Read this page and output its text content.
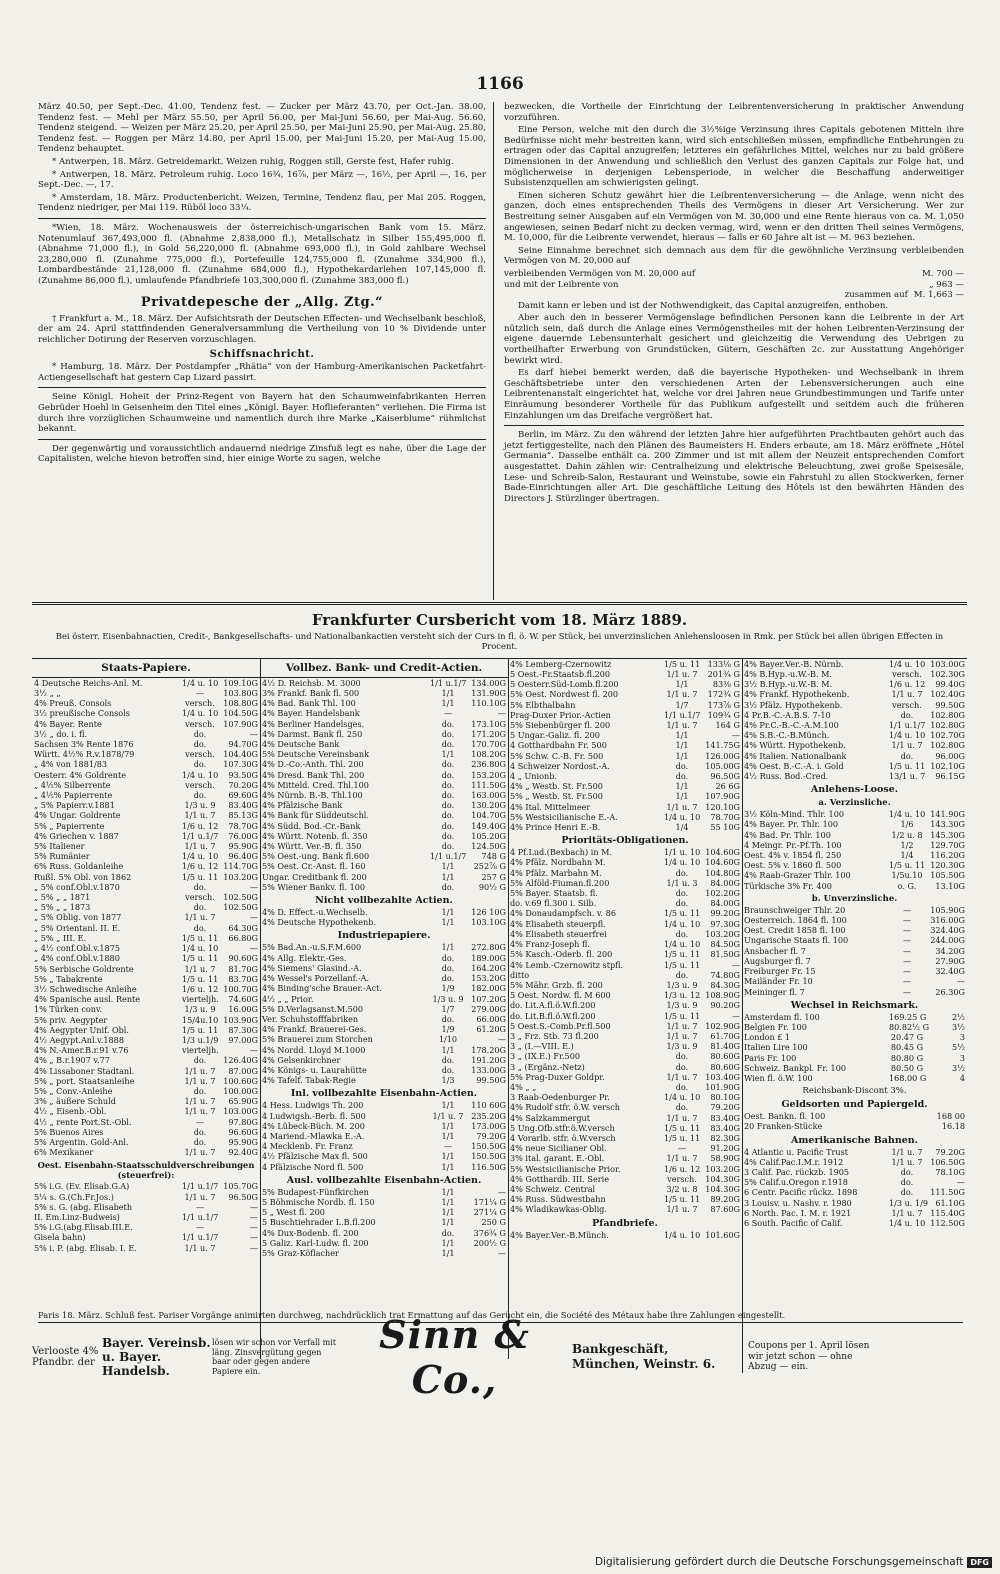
1166

März 40.50, per Sept.-Dec. 41.00, Tendenz fest. — Zucker per März 43.70, per Oct.-Jan. 38.00, Tendenz fest. — Mehl per März 55.50, per April 56.00, per Mai-Juni 56.60, per Mai-Aug. 56.60, Tendenz steigend. — Weizen per März 25.20, per April 25.50, per Mai-Juni 25.90, per Mai-Aug. 25.80, Tendenz fest. — Roggen per März 14.80, per April 15.00, per Mai-Juni 15.20, per Mai-Aug 15.00, Tendenz behauptet.

* Antwerpen, 18. März. Getreidemarkt. Weizen ruhig, Roggen still, Gerste fest, Hafer ruhig.

* Antwerpen, 18. März. Petroleum ruhig. Loco 16¾, 16⅞, per März —, 16½, per April —, 16, per Sept.-Dec. —, 17.

* Amsterdam, 18. März. Productenbericht. Weizen, Termine, Tendenz flau, per Mai 205. Roggen, Tendenz niedriger, per Mai 119. Rüböl loco 33¼.

*Wien, 18. März. Wochenausweis der österreichisch-ungarischen Bank vom 15. März. Notenumlauf 367,493,000 fl. (Abnahme 2,838,000 fl.), Metallschatz in Silber 155,495,000 fl. (Abnahme 71,000 fl.), in Gold 56,220,000 fl. (Abnahme 693,000 fl.), in Gold zahlbare Wechsel 23,280,000 fl. (Zunahme 775,000 fl.), Portefeuille 124,755,000 fl. (Zunahme 334,900 fl.), Lombardbestände 21,128,000 fl. (Zunahme 684,000 fl.), Hypothekardarlehen 107,145,000 fl. (Zunahme 86,000 fl.), umlaufende Pfandbriefe 103,300,000 fl. (Zunahme 383,000 fl.)

Privatdepesche der „Allg. Ztg.“

† Frankfurt a. M., 18. März. Der Aufsichtsrath der Deutschen Effecten- und Wechselbank beschloß, der am 24. April stattfindenden Generalversammlung die Vertheilung von 10 % Dividende unter reichlicher Dotirung der Reserven vorzuschlagen.

Schiffsnachricht.

* Hamburg, 18. März. Der Postdampfer „Rhätia“ von der Hamburg-Amerikanischen Packetfahrt-Actiengesellschaft hat gestern Cap Lizard passirt.

Seine Königl. Hoheit der Prinz-Regent von Bayern hat den Schaumweinfabrikanten Herren Gebrüder Hoehl in Geisenheim den Titel eines „Königl. Bayer. Hoflieferanten“ verliehen. Die Firma ist durch ihre vorzüglichen Schaumweine und namentlich durch ihre Marke „Kaiserblume“ rühmlichst bekannt.

Der gegenwärtig und voraussichtlich andauernd niedrige Zinsfuß legt es nahe, über die Lage der Capitalisten, welche hievon betroffen sind, hier einige Worte zu sagen, welche

bezwecken, die Vortheile der Einrichtung der Leibrentenversicherung in praktischer Anwendung vorzuführen.

Eine Person, welche mit den durch die 3½%ige Verzinsung ihres Capitals gebotenen Mitteln ihre Bedürfnisse nicht mehr bestreiten kann, wird sich entschließen müssen, empfindliche Entbehrungen zu ertragen oder das Capital anzugreifen; letzteres ein gefährliches Mittel, welches nur zu bald größere Dimensionen in der Anwendung und schließlich den Verlust des ganzen Capitals zur Folge hat, und möglicherweise in derjenigen Lebensperiode, in welcher die Beschaffung anderweitiger Subsistenzquellen am schwierigsten gelingt.

Einen sicheren Schutz gewährt hier die Leibrentenversicherung — die Anlage, wenn nicht des ganzen, doch eines entsprechenden Theils des Vermögens in dieser Art Versicherung. Wer zur Bestreitung seiner Ausgaben auf ein Vermögen von M. 30,000 und eine Rente hieraus von ca. M. 1,050 angewiesen, seinen Bedarf nicht zu decken vermag, wird, wenn er den dritten Theil seines Vermögens, M. 10,000, für die Leibrente verwendet, hieraus — falls er 60 Jahre alt ist — M. 963 beziehen.

Seine Einnahme berechnet sich demnach aus dem für die gewöhnliche Verzinsung verbleibenden Vermögen von M. 20,000 auf

verbleibenden Vermögen von M. 20,000 auf	M. 700 —
und mit der Leibrente von	„ 963 —
zusammen auf M. 1,663 —

Damit kann er leben und ist der Nothwendigkeit, das Capital anzugreifen, enthoben.

Aber auch den in besserer Vermögenslage befindlichen Personen kann die Leibrente in der Art nützlich sein, daß durch die Anlage eines Vermögenstheiles mit der hohen Leibrenten-Verzinsung der eigene dauernde Lebensunterhalt gesichert und gleichzeitig die Verwendung des Uebrigen zu vortheilhafter Erwerbung von Grundstücken, Gütern, Geschäften 2c. zur Ausstattung Angehöriger bewirkt wird.

Es darf hiebei bemerkt werden, daß die bayerische Hypotheken- und Wechselbank in ihrem Geschäftsbetriebe unter den verschiedenen Arten der Lebensversicherungen auch eine Leibrentenanstalt eingerichtet hat, welche vor drei Jahren neue Grundbestimmungen und Tarife unter Einräumung besonderer Vortheile für das Publikum aufgestellt und seitdem auch die früheren Einzahlungen um das Dreifache vergrößert hat.

Berlin, im März. Zu den während der letzten Jahre hier aufgeführten Prachtbauten gehört auch das jetzt fertiggestellte, nach den Plänen des Baumeisters H. Enders erbaute, am 18. März eröffnete „Hôtel Germania“. Dasselbe enthält ca. 200 Zimmer und ist mit allem der Neuzeit entsprechenden Comfort ausgestattet. Dahin zählen wir: Centralheizung und elektrische Beleuchtung, zwei große Speisesäle, Lese- und Schreib-Salon, Restaurant und Weinstube, sowie ein Fahrstuhl zu allen Stockwerken, ferner Bade-Einrichtungen aller Art. Die geschäftliche Leitung des Hôtels ist den bewährten Händen des Directors J. Stürzlinger übertragen.

Frankfurter Cursbericht vom 18. März 1889.
Bei österr. Eisenbahnactien, Credit-, Bankgesellschafts- und Nationalbankactien versteht sich der Curs in fl. ö. W. per Stück, bei unverzinslichen Anlehensloosen in Rmk. per Stück bei allen übrigen Effecten in Procent.
Staats-Papiere.
4 Deutsche Reichs-Anl. M.	1/4 u. 10 109.10G
3½ „ „	—	103.80G
4% Preuß. Consols	versch.	108.80G
3½ preußische Consols	1/4 u. 10 104.50G
4% Bayer. Rente	versch.	107.90G
3½ „ do. i. fl.	do.	—
Sachsen 3% Rente 1876	do.	94.70G
Württ. 4½% R.v.1878/79	versch.	104.40G
„ 4% von 1881/83	do.	107.30G
Oesterr. 4% Goldrente	1/4 u. 10	93.50G
„ 4⅕% Silberrente	versch.	70.20G
„ 4⅕% Papierrente	do.	69.60G
„ 5% Papierr.v.1881	1/3 u. 9	83.40G
4% Ungar. Goldrente	1/1 u. 7	85.13G
5% „ Papierrente	1/6 u. 12	78.70G
4% Griechen v. 1887	1/1 u.1/7	76.00G
5% Italiener	1/1 u. 7	95.90G
5% Rumänier	1/4 u. 10	96.40G
6% Russ. Goldanleihe	1/6 u. 12 114.70G
Rußl. 5% Obl. von 1862	1/5 u. 11 103.20G
„ 5% conf.Obl.v.1870	do.	—
„ 5% „ „ 1871	versch.	102.50G
„ 5% „ „ 1873	do.	102.50G
„ 5% Oblig. von 1877	1/1 u. 7	—
„ 5% Orientanl. II. E.	do.	64.30G
„ 5% „ III. E.	1/5 u. 11	66.80G
„ 4½ conf.Obl.v.1875	1/4 u. 10	—
„ 4% conf.Obl.v.1880	1/5 u. 11	90.60G
5% Serbische Goldrente	1/1 u. 7	81.70G
5% „ Tabakrente	1/5 u. 11	83.70G
3½ Schwedische Anleihe	1/6 u. 12 100.70G
4% Spanische ausl. Rente	vierteljh.	74.60G
1% Türken conv.	1/3 u. 9	16.00G
5% priv. Aegypter	15/4u.10 103.90G
4% Aegypter Unif. Obl.	1/5 u. 11	87.30G
4½ Aegypt.Anl.v.1888	1/3 u.1/9	97.00G
4% N.-Amer.B.r.91 v.76	vierteljh.	—
4% „ B.r.1907 v.77	do.	126.40G
4% Lissaboner Stadtanl.	1/1 u. 7	87.00G
5% „ port. Staatsanleihe	1/1 u. 7 100.60G
5% „ Conv.-Anleihe	do.	100.00G
3% „ äußere Schuld	1/1 u. 7	65.90G
4½ „ Eisenb.-Obl.	1/1 u. 7 103.00G
4½ „ rente Port.St.-Obl.	—	97.80G
5% Buenos Aires	do.	96.60G
5% Argentin. Gold-Anl.	do.	95.90G
6% Mexikaner	1/1 u. 7	92.40G
Oest. Eisenbahn-Staatsschuldverschreibungen (steuerfrei):
5% i.G. (Ev. Elisab.G.A)	1/1 u.1/7 105.70G
5¼ s. G.(Ch.Fr.Jos.)	1/1 u. 7	96.50G
5% s. G. (abg. Elisabeth	—	—
II. Em.Linz-Budweis)	1/1 u.1/7	—
5% i.G.(abg.Elisab.III.E.	—	—
Gisela bahn)	1/1 u.1/7	—
5% i. P. (abg. Elisab. I. E.	1/1 u. 7	—
Vollbez. Bank- und Credit-Actien.
4½ D. Reichsb. M. 3000	1/1 u.1/7 134.00G
3% Frankf. Bank fl. 500	1/1	131.90G
4% Bad. Bank Thl. 100	1/1	110.10G
4% Bayer. Handelsbank	—	—
4% Berliner Handelsges.	do.	173.10G
4% Darmst. Bank fl. 250	do.	171.20G
4% Deutsche Bank	do.	170.70G
5% Deutsche Vereinsbank	1/1	108.20G
4% D.-Co.-Anth. Thl. 200	do.	236.80G
4% Dresd. Bank Thl. 200	do.	153.20G
4% Mitteld. Cred. Thl.100	do.	111.50G
4% Nürnb. B.-B. Thl.100	do.	163.00G
4% Pfälzische Bank	do.	130.20G
4% Bank für Süddeutschl.	do.	104.70G
4% Südd. Bod.-Cr.-Bank	do.	149.40G
4% Württ. Notenb. fl. 350	do.	105.20G
4% Württ. Ver.-B. fl. 350	do.	124.50G
5% Oest.-ung. Bank fl.600	1/1 u.1/7	748 G
5% Oest. Cr.-Anst. fl. 160	1/1	252⅞ G
Ungar. Creditbank fl. 200	1/1	257 G
5% Wiener Bankv. fl. 100	do.	90½ G
Nicht vollbezahlte Actien.
4% D. Effect.-u.Wechselb.	1/1	126 10G
4% Deutsche Hypothekenb.	1/1	103.10G
Industriepapiere.
5% Bad.An.-u.S.F.M.600	1/1	272.80G
4% Allg. Elektr.-Ges.	do.	189.00G
4% Siemens' Glasind.-A.	do.	164.20G
4% Wessel's Porzellanf.-A.	do.	153.20G
4% Binding'sche Brauer.-Act.	1/9	182.00G
4½ „ „ Prior.	1/3 u. 9 107.20G
5% D.Verlagsanst.M.500	1/7	279.00G
Ver. Schuhstofffabriken	do.	66.00G
4% Frankf. Brauerei-Ges.	1/9	61.20G
5% Brauerei zum Storchen	1/10	—
4% Nordd. Lloyd M.1000	1/1	178.20G
4% Gelsenkirchner	do.	191.20G
4% Königs- u. Laurahütte	do.	133.00G
4% Tafelf. Tabak-Regie	1/3	99.50G
Inl. vollbezahlte Eisenbahn-Actien.
4 Hess. Ludwigs Th. 200	1/1	110 60G
4 Ludwigsh.-Berb. fl. 500	1/1 u. 7 235.20G
4% Lübeck-Büch. M. 200	1/1	173.00G
4 Mariend.-Mlawka E.-A.	1/1	79.20G
4 Mecklenb. Fr. Franz	—	150.50G
4½ Pfälzische Max fl. 500	1/1	150.50G
4 Pfälzische Nord fl. 500	1/1	116.50G
Ausl. vollbezahlte Eisenbahn-Actien.
5% Budapest-Fünfkirchen	1/1	—
5 Böhmische Nordb. fl. 150	1/1	171¼ G
5 „ West fl. 200	1/1	271¼ G
5 Buschtiehrader L.B.fl.200	1/1	250 G
4% Dux-Bodenb. fl. 200	do.	376¾ G
5 Galiz. Karl-Ludw. fl. 200	1/1	200½ G
5% Graz-Köflacher	1/1	—
4% Lemberg-Czernowitz	1/5 u. 11 133⅛ G
5 Oest.-Fr.Staatsb.fl.200	1/1 u. 7	201¾ G
5 Oesterr.Süd-Lomb.fl.200	1/1	83⅜ G
5% Oest. Nordwest fl. 200	1/1 u. 7	172¾ G
5% Elbthalbahn	1/7	173⅞ G
Prag-Duxer Prior.-Actien	1/1 u.1/7 109¾ G
5% Siebenbürger fl. 200	1/1 u. 7	164 G
5 Ungar.-Galiz. fl. 200	1/1	—
4 Gotthardbahn Fr. 500	1/1	141.75G
5% Schw. C.-B. Fr. 500	1/1	126.00G
4 Schweizer Nordost.-A.	do.	105.00G
4 „ Unionb.	do.	96.50G
4% „ Westb. St. Fr.500	1/1	26 6G
5% „ Westb. St. Fr.500	1/1	107.90G
4% Ital. Mittelmeer	1/1 u. 7 120.10G
5% Westsicilianische E.-A.	1/4 u. 10	78.70G
4% Prince Henri E.-B.	1/4	55 10G
Prioritäts-Obligationen.
4 Pf.Lud.(Bexbach) in M.	1/1 u. 10 104.60G
4% Pfälz. Nordbahn M.	1/4 u. 10 104.60G
4% Pfälz. Marbahn M.	do.	104.80G
5% Alföld-Fiuman.fl.200	1/1 u. 3	84.00G
5% Bayer. Staatsb. fl.	do.	102.20G
do. v.69 fl.300 i. Silb.	do.	84.00G
4% Donaudampfsch. v. 86	1/5 u. 11	99.20G
4% Elisabeth steuerpfl.	1/4 u. 10	97.30G
4% Elisabeth steuerfrei	do.	103.20G
4% Franz-Joseph fl.	1/4 u. 10	84.50G
5% Kasch.-Oderb. fl. 200	1/5 u. 11	81.50G
4% Lemb.-Czernowitz stpfl.	1/5 u. 11	—
ditto	do.	74.80G
5% Mähr. Grzb. fl. 200	1/3 u. 9	84.30G
5 Oest. Nordw. fl. M 600	1/3 u. 12 108.90G
do. Lit.A.fl.ö.W.fl.200	1/3 u. 9	90.20G
do. Lit.B.fl.ö.W.fl.200	1/5 u. 11	—
5 Oest.S.-Comb.Pr.fl.500	1/1 u. 7 102.90G
3 „ Frz. Stb. 73 fl.200	1/1 u. 7	61.70G
3 „ (I.—VIII. E.)	1/3 u. 9	81.40G
3 „ (IX.E.) Fr.500	do.	80.60G
3 „ (Ergänz.-Netz)	do.	80.60G
5% Prag-Duxer Goldpr.	1/1 u. 7 103.40G
4% „ „	do.	101.90G
3 Raab-Oedenburger Pr.	1/4 u. 10	80.10G
4% Rudolf stfr. ö.W. versch	do.	79.20G
4% Salzkammergut	1/1 u. 7	83.40G
5 Ung.Ofb.stfr.ö.W.versch	1/5 u. 11	83.40G
4 Vorarlb. stfr. ö.W.versch	1/5 u. 11	82.30G
4% neue Sicilianer Obl.	—	91.20G
3% ital. garant. E.-Obl.	1/1 u. 7	58.90G
5% Westsicilianische Prior.	1/6 u. 12 103.20G
4% Gotthardb. III. Serie	versch.	104.30G
4% Schweiz. Central	3/2 u. 8 104.30G
4% Russ. Südwestbahn	1/5 u. 11	89.20G
4% Wladikawkas-Oblig.	1/1 u. 7	87.60G
Pfandbriefe.
4% Bayer.Ver.-B.Münch.	1/4 u. 10 101.60G
4% Bayer.Ver.-B. Nürnb.	1/4 u. 10 103.00G
4% B.Hyp.-u.W.-B. M.	versch.	102.30G
3½ B.Hyp.-u.W.-B. M.	1/6 u. 12	99.40G
4% Frankf. Hypothekenb.	1/1 u. 7 102.40G
3½ Pfälz. Hypothekenb.	versch.	99.50G
4 Pr.B.-C.-A.B.S. 7-10	do.	102.80G
4% Pr.C.-B.-C.-A.M.100	1/1 u.1/7 102.80G
4% S.B.-C.-B.Münch.	1/4 u. 10 102.70G
4% Württ. Hypothekenb.	1/1 u. 7 102.80G
4% Italien. Nationalbank	do.	96.00G
4% Oest. B.-C.-A. i. Gold	1/5 u. 11 102.10G
4½ Russ. Bod.-Cred.	13/1 u. 7	96.15G
Anlehens-Loose.
a. Verzinsliche.
3½ Köln-Mind. Thlr. 100	1/4 u. 10 141.90G
4% Bayer. Pr. Thlr. 100	1/6	143.30G
4% Bad. Pr. Thlr. 100	1/2 u. 8 145.30G
4 Meingr. Pr.-Pf.Th. 100	1/2	129.70G
Oest. 4% v. 1854 fl. 250	1/4	116.20G
Oest. 5% v. 1860 fl. 500	1/5 u. 11 120.30G
4% Raab-Grazer Thlr. 100	1/5u.10 105.50G
Türkische 3% Fr. 400	o. G.	13.10G
b. Unverzinsliche.
Braunschweiger Thlr. 20	—	105.90G
Oesterreich. 1864 fl. 100	—	316.00G
Oest. Credit 1858 fl. 100	—	324.40G
Ungarische Staats fl. 100	—	244.00G
Ansbacher fl. 7	—	34.20G
Augsburger fl. 7	—	27.90G
Freiburger Fr. 15	—	32.40G
Mailänder Fr. 10	—	—
Meininger fl. 7	—	26.30G
Wechsel in Reichsmark.
Amsterdam fl. 100	169.25 G	2½
Belgien Fr. 100	80.82½ G	3½
London £ 1	20.47 G	3
Italien Lire 100	80.45 G	5½
Paris Fr. 100	80.80 G	3
Schweiz. Bankpl. Fr. 100	80.50 G	3½
Wien fl. ö.W. 100	168.00 G	4
Reichsbank-Discont 3%.
Geldsorten und Papiergeld.
Oest. Bankn. fl. 100	168 00
20 Franken-Stücke	16.18
Amerikanische Bahnen.
4 Atlantic u. Pacific Trust	1/1 u. 7	79.20G
4% Calif.Pac.I.M.r. 1912	1/1 u. 7 106.50G
3 Calif. Pac. rückzb. 1905	do.	78.10G
5% Calif.u.Oregon r.1918	do.	—
6 Centr. Pacific rückz. 1898	do.	111.50G
3 Louisv. u. Nashv. r. 1980	1/3 u. 1/9 61.10G
6 North. Pac. I. M. r. 1921	1/1 u. 7 115.40G
6 South. Pacific of Calif.	1/4 u. 10 112.50G
Paris 18. März. Schluß fest. Pariser Vorgänge animirten durchweg, nachdrücklich trat Ermattung auf das Gerücht ein, die Société des Métaux habe ihre Zahlungen eingestellt.
Verlooste 4% Pfandbr. der
Bayer. Vereinsb.
u. Bayer. Handelsb.
lösen wir schon vor Verfall mit läng. Zinsvergütung gegen baar oder gegen andere Papiere ein.
Sinn & Co.,
Bankgeschäft,
München, Weinstr. 6.
Coupons per 1. April lösen wir jetzt schon — ohne Abzug — ein.
Digitalisierung gefördert durch die Deutsche Forschungsgemeinschaft DFG
